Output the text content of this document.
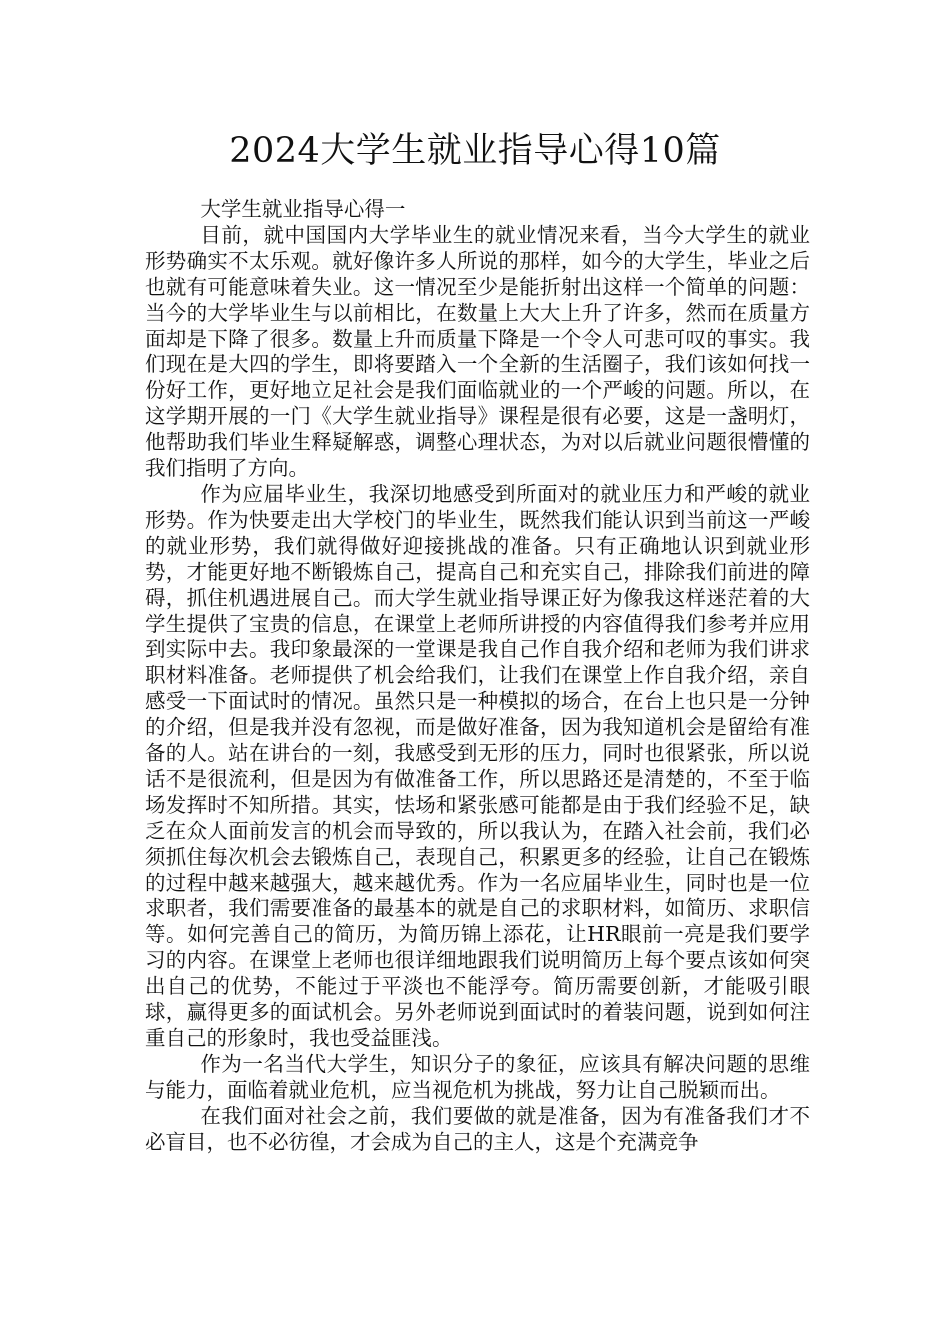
2024大学生就业指导心得10篇

大学生就业指导心得一

目前，就中国国内大学毕业生的就业情况来看，当今大学生的就业形势确实不太乐观。就好像许多人所说的那样，如今的大学生，毕业之后也就有可能意味着失业。这一情况至少是能折射出这样一个简单的问题：当今的大学毕业生与以前相比，在数量上大大上升了许多，然而在质量方面却是下降了很多。数量上升而质量下降是一个令人可悲可叹的事实。我们现在是大四的学生，即将要踏入一个全新的生活圈子，我们该如何找一份好工作，更好地立足社会是我们面临就业的一个严峻的问题。所以，在这学期开展的一门《大学生就业指导》课程是很有必要，这是一盏明灯，他帮助我们毕业生释疑解惑，调整心理状态，为对以后就业问题很懵懂的我们指明了方向。

作为应届毕业生，我深切地感受到所面对的就业压力和严峻的就业形势。作为快要走出大学校门的毕业生，既然我们能认识到当前这一严峻的就业形势，我们就得做好迎接挑战的准备。只有正确地认识到就业形势，才能更好地不断锻炼自己，提高自己和充实自己，排除我们前进的障碍，抓住机遇进展自己。而大学生就业指导课正好为像我这样迷茫着的大学生提供了宝贵的信息，在课堂上老师所讲授的内容值得我们参考并应用到实际中去。我印象最深的一堂课是我自己作自我介绍和老师为我们讲求职材料准备。老师提供了机会给我们，让我们在课堂上作自我介绍，亲自感受一下面试时的情况。虽然只是一种模拟的场合，在台上也只是一分钟的介绍，但是我并没有忽视，而是做好准备，因为我知道机会是留给有准备的人。站在讲台的一刻，我感受到无形的压力，同时也很紧张，所以说话不是很流利，但是因为有做准备工作，所以思路还是清楚的，不至于临场发挥时不知所措。其实，怯场和紧张感可能都是由于我们经验不足，缺乏在众人面前发言的机会而导致的，所以我认为，在踏入社会前，我们必须抓住每次机会去锻炼自己，表现自己，积累更多的经验，让自己在锻炼的过程中越来越强大，越来越优秀。作为一名应届毕业生，同时也是一位求职者，我们需要准备的最基本的就是自己的求职材料，如简历、求职信等。如何完善自己的简历，为简历锦上添花，让HR眼前一亮是我们要学习的内容。在课堂上老师也很详细地跟我们说明简历上每个要点该如何突出自己的优势，不能过于平淡也不能浮夸。简历需要创新，才能吸引眼球，赢得更多的面试机会。另外老师说到面试时的着装问题，说到如何注重自己的形象时，我也受益匪浅。

作为一名当代大学生，知识分子的象征，应该具有解决问题的思维与能力，面临着就业危机，应当视危机为挑战，努力让自己脱颖而出。

在我们面对社会之前，我们要做的就是准备，因为有准备我们才不必盲目，也不必彷徨，才会成为自己的主人，这是个充满竞争
